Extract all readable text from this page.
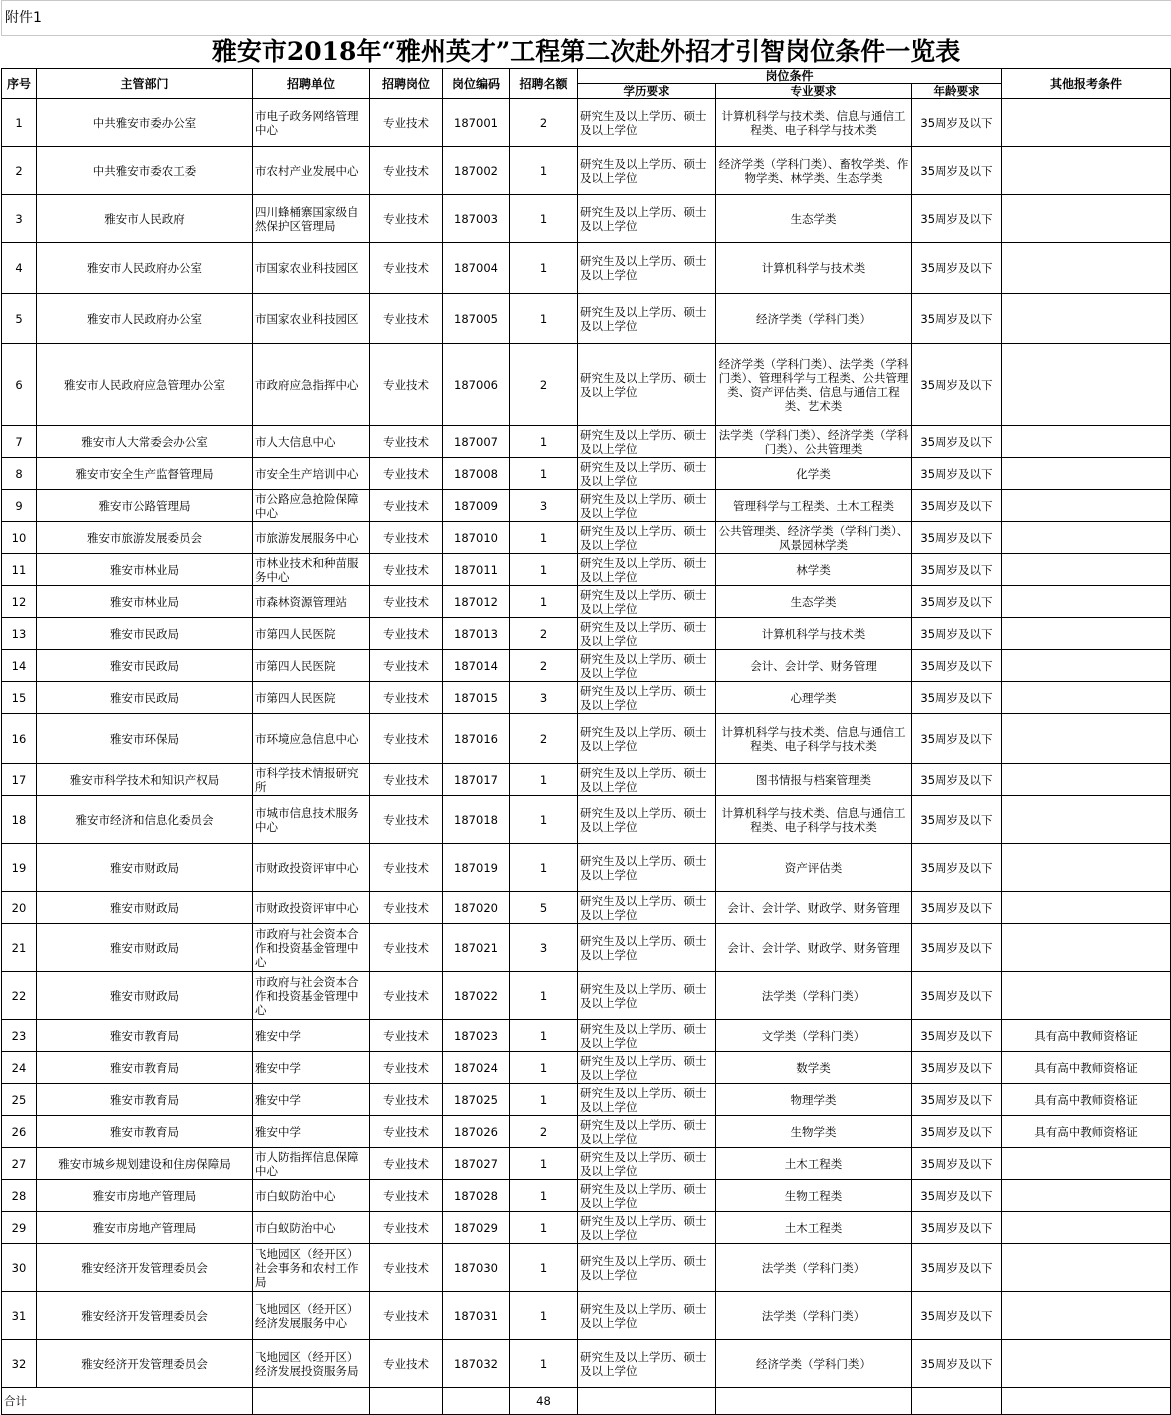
附件1									
雅安市2018年“雅州英才”工程第二次赴外招才引智岗位条件一览表									
序号	主管部门	招聘单位	招聘岗位	岗位编码	招聘名额	岗位条件			其他报考条件
						学历要求	专业要求	年龄要求	
1	中共雅安市委办公室	市电子政务网络管理中心	专业技术	187001	2	研究生及以上学历、硕士及以上学位	计算机科学与技术类、信息与通信工程类、电子科学与技术类	35周岁及以下	
2	中共雅安市委农工委	市农村产业发展中心	专业技术	187002	1	研究生及以上学历、硕士及以上学位	经济学类（学科门类）、畜牧学类、作物学类、林学类、生态学类	35周岁及以下	
3	雅安市人民政府	四川蜂桶寨国家级自然保护区管理局	专业技术	187003	1	研究生及以上学历、硕士及以上学位	生态学类	35周岁及以下	
4	雅安市人民政府办公室	市国家农业科技园区	专业技术	187004	1	研究生及以上学历、硕士及以上学位	计算机科学与技术类	35周岁及以下	
5	雅安市人民政府办公室	市国家农业科技园区	专业技术	187005	1	研究生及以上学历、硕士及以上学位	经济学类（学科门类）	35周岁及以下	
6	雅安市人民政府应急管理办公室	市政府应急指挥中心	专业技术	187006	2	研究生及以上学历、硕士及以上学位	经济学类（学科门类）、法学类（学科门类）、管理科学与工程类、公共管理类、资产评估类、信息与通信工程类、艺术类	35周岁及以下	
7	雅安市人大常委会办公室	市人大信息中心	专业技术	187007	1	研究生及以上学历、硕士及以上学位	法学类（学科门类）、经济学类（学科门类）、公共管理类	35周岁及以下	
8	雅安市安全生产监督管理局	市安全生产培训中心	专业技术	187008	1	研究生及以上学历、硕士及以上学位	化学类	35周岁及以下	
9	雅安市公路管理局	市公路应急抢险保障中心	专业技术	187009	3	研究生及以上学历、硕士及以上学位	管理科学与工程类、土木工程类	35周岁及以下	
10	雅安市旅游发展委员会	市旅游发展服务中心	专业技术	187010	1	研究生及以上学历、硕士及以上学位	公共管理类、经济学类（学科门类）、风景园林学类	35周岁及以下	
11	雅安市林业局	市林业技术和种苗服务中心	专业技术	187011	1	研究生及以上学历、硕士及以上学位	林学类	35周岁及以下	
12	雅安市林业局	市森林资源管理站	专业技术	187012	1	研究生及以上学历、硕士及以上学位	生态学类	35周岁及以下	
13	雅安市民政局	市第四人民医院	专业技术	187013	2	研究生及以上学历、硕士及以上学位	计算机科学与技术类	35周岁及以下	
14	雅安市民政局	市第四人民医院	专业技术	187014	2	研究生及以上学历、硕士及以上学位	会计、会计学、财务管理	35周岁及以下	
15	雅安市民政局	市第四人民医院	专业技术	187015	3	研究生及以上学历、硕士及以上学位	心理学类	35周岁及以下	
16	雅安市环保局	市环境应急信息中心	专业技术	187016	2	研究生及以上学历、硕士及以上学位	计算机科学与技术类、信息与通信工程类、电子科学与技术类	35周岁及以下	
17	雅安市科学技术和知识产权局	市科学技术情报研究所	专业技术	187017	1	研究生及以上学历、硕士及以上学位	图书情报与档案管理类	35周岁及以下	
18	雅安市经济和信息化委员会	市城市信息技术服务中心	专业技术	187018	1	研究生及以上学历、硕士及以上学位	计算机科学与技术类、信息与通信工程类、电子科学与技术类	35周岁及以下	
19	雅安市财政局	市财政投资评审中心	专业技术	187019	1	研究生及以上学历、硕士及以上学位	资产评估类	35周岁及以下	
20	雅安市财政局	市财政投资评审中心	专业技术	187020	5	研究生及以上学历、硕士及以上学位	会计、会计学、财政学、财务管理	35周岁及以下	
21	雅安市财政局	市政府与社会资本合作和投资基金管理中心	专业技术	187021	3	研究生及以上学历、硕士及以上学位	会计、会计学、财政学、财务管理	35周岁及以下	
22	雅安市财政局	市政府与社会资本合作和投资基金管理中心	专业技术	187022	1	研究生及以上学历、硕士及以上学位	法学类（学科门类）	35周岁及以下	
23	雅安市教育局	雅安中学	专业技术	187023	1	研究生及以上学历、硕士及以上学位	文学类（学科门类）	35周岁及以下	具有高中教师资格证
24	雅安市教育局	雅安中学	专业技术	187024	1	研究生及以上学历、硕士及以上学位	数学类	35周岁及以下	具有高中教师资格证
25	雅安市教育局	雅安中学	专业技术	187025	1	研究生及以上学历、硕士及以上学位	物理学类	35周岁及以下	具有高中教师资格证
26	雅安市教育局	雅安中学	专业技术	187026	2	研究生及以上学历、硕士及以上学位	生物学类	35周岁及以下	具有高中教师资格证
27	雅安市城乡规划建设和住房保障局	市人防指挥信息保障中心	专业技术	187027	1	研究生及以上学历、硕士及以上学位	土木工程类	35周岁及以下	
28	雅安市房地产管理局	市白蚁防治中心	专业技术	187028	1	研究生及以上学历、硕士及以上学位	生物工程类	35周岁及以下	
29	雅安市房地产管理局	市白蚁防治中心	专业技术	187029	1	研究生及以上学历、硕士及以上学位	土木工程类	35周岁及以下	
30	雅安经济开发管理委员会	飞地园区（经开区）社会事务和农村工作局	专业技术	187030	1	研究生及以上学历、硕士及以上学位	法学类（学科门类）	35周岁及以下	
31	雅安经济开发管理委员会	飞地园区（经开区）经济发展服务中心	专业技术	187031	1	研究生及以上学历、硕士及以上学位	法学类（学科门类）	35周岁及以下	
32	雅安经济开发管理委员会	飞地园区（经开区）经济发展投资服务局	专业技术	187032	1	研究生及以上学历、硕士及以上学位	经济学类（学科门类）	35周岁及以下	
合计					48				
